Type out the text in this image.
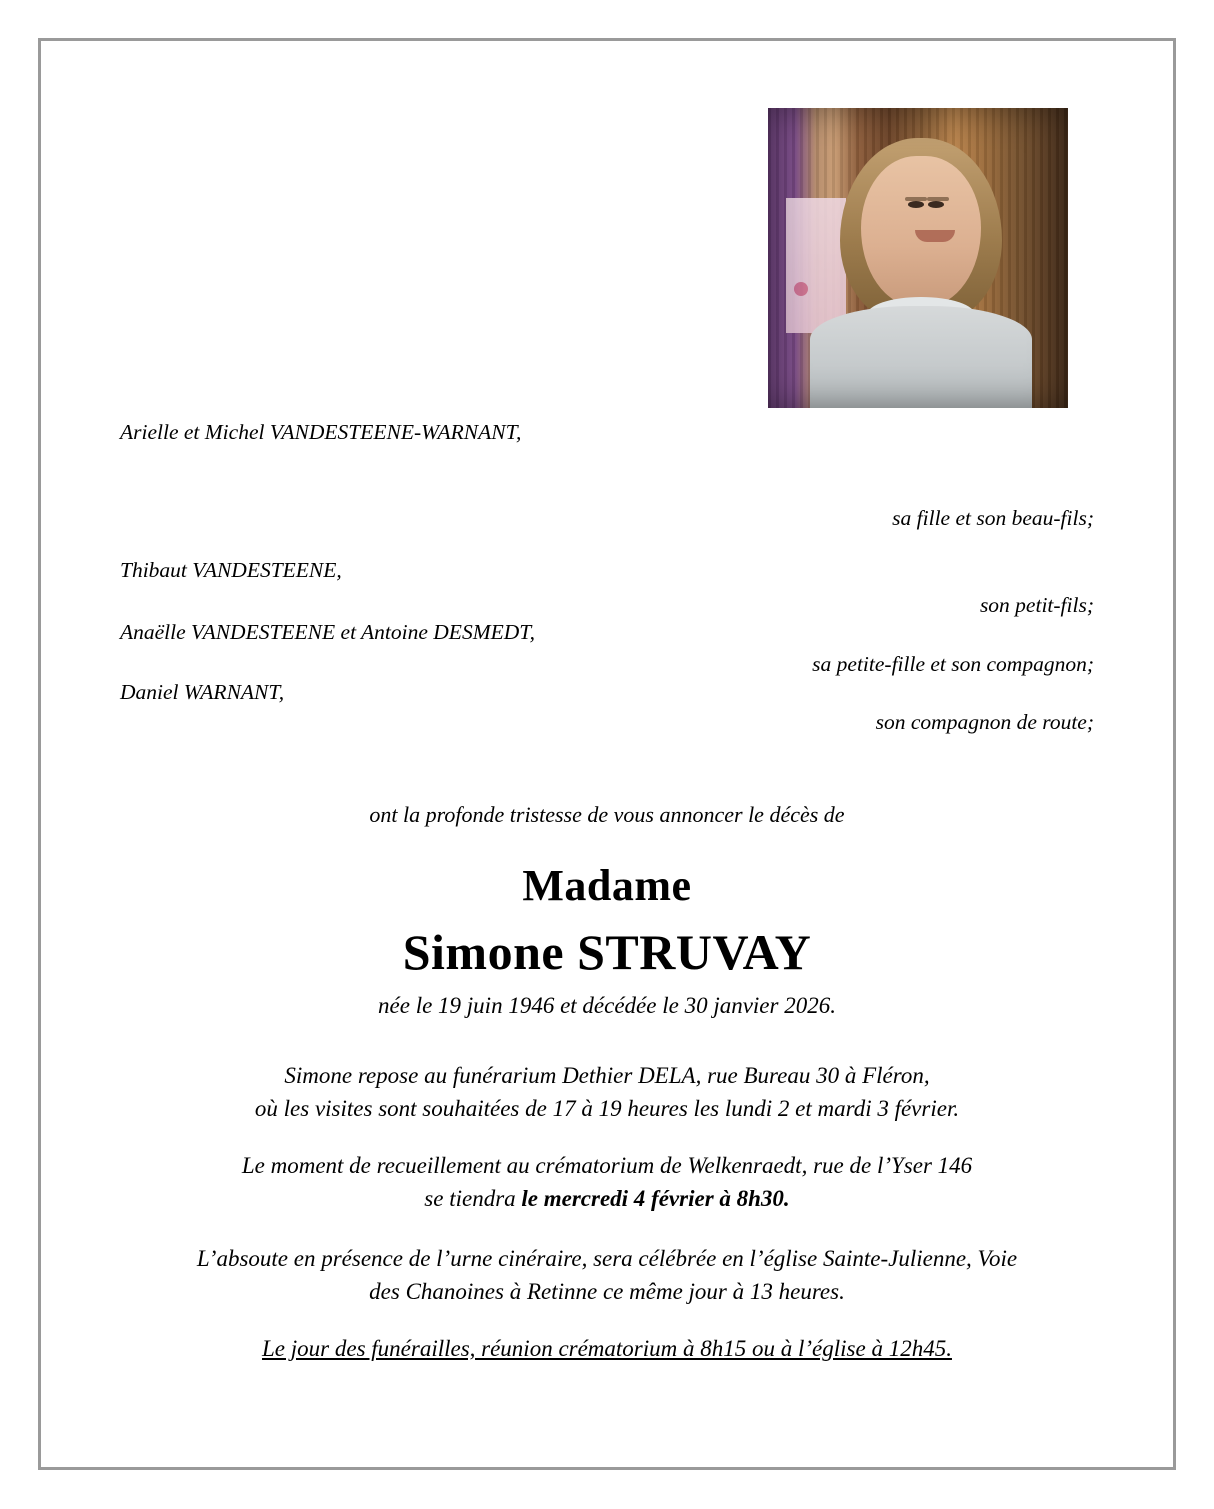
Arielle et Michel VANDESTEENE-WARNANT,
sa fille et son beau-fils;
Thibaut VANDESTEENE,
son petit-fils;
Anaëlle VANDESTEENE et Antoine DESMEDT,
sa petite-fille et son compagnon;
Daniel WARNANT,
son compagnon de route;
ont la profonde tristesse de vous annoncer le décès de
Madame
Simone STRUVAY
née le 19 juin 1946 et décédée le 30 janvier 2026.
Simone repose au funérarium Dethier DELA, rue Bureau 30 à Fléron,
où les visites sont souhaitées de 17 à 19 heures les lundi 2 et mardi 3 février.
Le moment de recueillement au crématorium de Welkenraedt, rue de l’Yser 146
se tiendra le mercredi 4 février à 8h30.
L’absoute en présence de l’urne cinéraire, sera célébrée en l’église Sainte-Julienne, Voie
des Chanoines à Retinne ce même jour à 13 heures.
Le jour des funérailles, réunion crématorium à 8h15 ou à l’église à 12h45.
